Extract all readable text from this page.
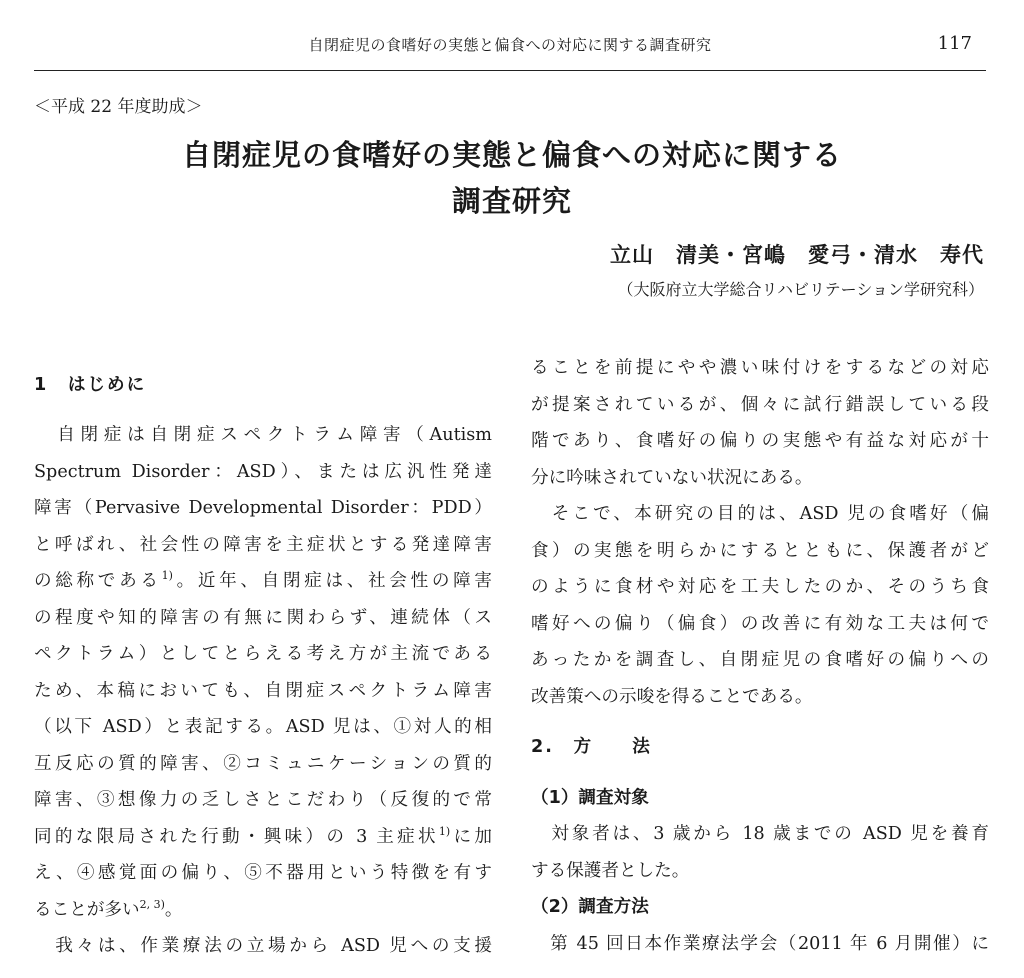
自閉症児の食嗜好の実態と偏食への対応に関する調査研究	117
＜平成 22 年度助成＞
自閉症児の食嗜好の実態と偏食への対応に関する
調査研究
立山　清美・宮嶋　愛弓・清水　寿代
（大阪府立大学総合リハビリテーション学研究科）
1　はじめに
　自閉症は自閉症スペクトラム障害（Autism
Spectrum Disorder：ASD）、または広汎性発達
障害（Pervasive Developmental Disorder：PDD）
と呼ばれ、社会性の障害を主症状とする発達障害
の総称である$^{1)}$。近年、自閉症は、社会性の障害
の程度や知的障害の有無に関わらず、連続体（ス
ペクトラム）としてとらえる考え方が主流である
ため、本稿においても、自閉症スペクトラム障害
（以下 ASD）と表記する。ASD 児は、①対人的相
互反応の質的障害、②コミュニケーションの質的
障害、③想像力の乏しさとこだわり（反復的で常
同的な限局された行動・興味）の 3 主症状$^{1)}$に加
え、④感覚面の偏り、⑤不器用という特徴を有す
ることが多い$^{2, 3)}$。
　我々は、作業療法の立場から ASD 児への支援
ることを前提にやや濃い味付けをするなどの対応
が提案されているが、個々に試行錯誤している段
階であり、食嗜好の偏りの実態や有益な対応が十
分に吟味されていない状況にある。
　そこで、本研究の目的は、ASD 児の食嗜好（偏
食）の実態を明らかにするとともに、保護者がど
のように食材や対応を工夫したのか、そのうち食
嗜好への偏り（偏食）の改善に有効な工夫は何で
あったかを調査し、自閉症児の食嗜好の偏りへの
改善策への示唆を得ることである。
2.　方　　法
（1）調査対象
　対象者は、3 歳から 18 歳までの ASD 児を養育
する保護者とした。
（2）調査方法
　第 45 回日本作業療法学会（2011 年 6 月開催）に
